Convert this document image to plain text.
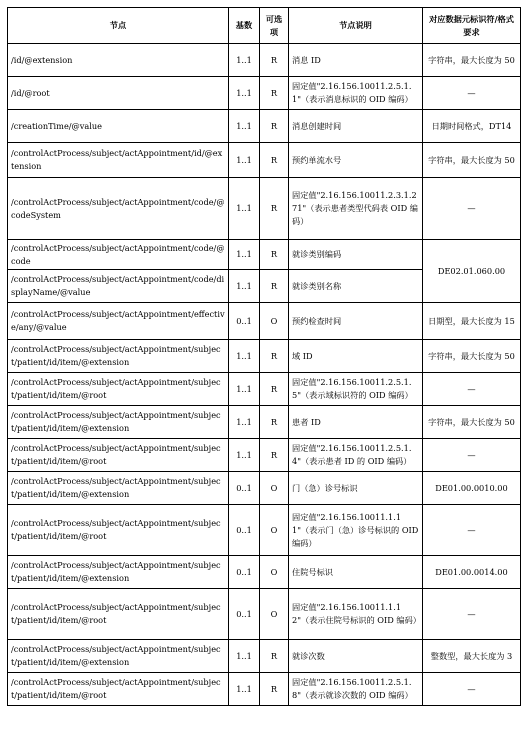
节点	基数	可选项	节点说明	对应数据元标识符/格式要求
/id/@extension	1..1	R	消息 ID	字符串，最大长度为 50
/id/@root	1..1	R	固定值"2.16.156.10011.2.5.1.1"（表示消息标识的 OID 编码）	—
/creationTime/@value	1..1	R	消息创建时间	日期时间格式，DT14
/controlActProcess/subject/actAppointment/id/@extension	1..1	R	预约单流水号	字符串，最大长度为 50
/controlActProcess/subject/actAppointment/code/@codeSystem	1..1	R	固定值"2.16.156.10011.2.3.1.271"（表示患者类型代码表 OID 编码）	—
/controlActProcess/subject/actAppointment/code/@code	1..1	R	就诊类别编码	DE02.01.060.00
/controlActProcess/subject/actAppointment/code/displayName/@value	1..1	R	就诊类别名称	
/controlActProcess/subject/actAppointment/effective/any/@value	0..1	O	预约检查时间	日期型，最大长度为 15
/controlActProcess/subject/actAppointment/subject/patient/id/item/@extension	1..1	R	域 ID	字符串，最大长度为 50
/controlActProcess/subject/actAppointment/subject/patient/id/item/@root	1..1	R	固定值"2.16.156.10011.2.5.1.5"（表示域标识符的 OID 编码）	—
/controlActProcess/subject/actAppointment/subject/patient/id/item/@extension	1..1	R	患者 ID	字符串，最大长度为 50
/controlActProcess/subject/actAppointment/subject/patient/id/item/@root	1..1	R	固定值"2.16.156.10011.2.5.1.4"（表示患者 ID 的 OID 编码）	—
/controlActProcess/subject/actAppointment/subject/patient/id/item/@extension	0..1	O	门（急）诊号标识	DE01.00.0010.00
/controlActProcess/subject/actAppointment/subject/patient/id/item/@root	0..1	O	固定值"2.16.156.10011.1.11"（表示门（急）诊号标识的 OID 编码）	—
/controlActProcess/subject/actAppointment/subject/patient/id/item/@extension	0..1	O	住院号标识	DE01.00.0014.00
/controlActProcess/subject/actAppointment/subject/patient/id/item/@root	0..1	O	固定值"2.16.156.10011.1.12"（表示住院号标识的 OID 编码）	—
/controlActProcess/subject/actAppointment/subject/patient/id/item/@extension	1..1	R	就诊次数	整数型，最大长度为 3
/controlActProcess/subject/actAppointment/subject/patient/id/item/@root	1..1	R	固定值"2.16.156.10011.2.5.1.8"（表示就诊次数的 OID 编码）	—
